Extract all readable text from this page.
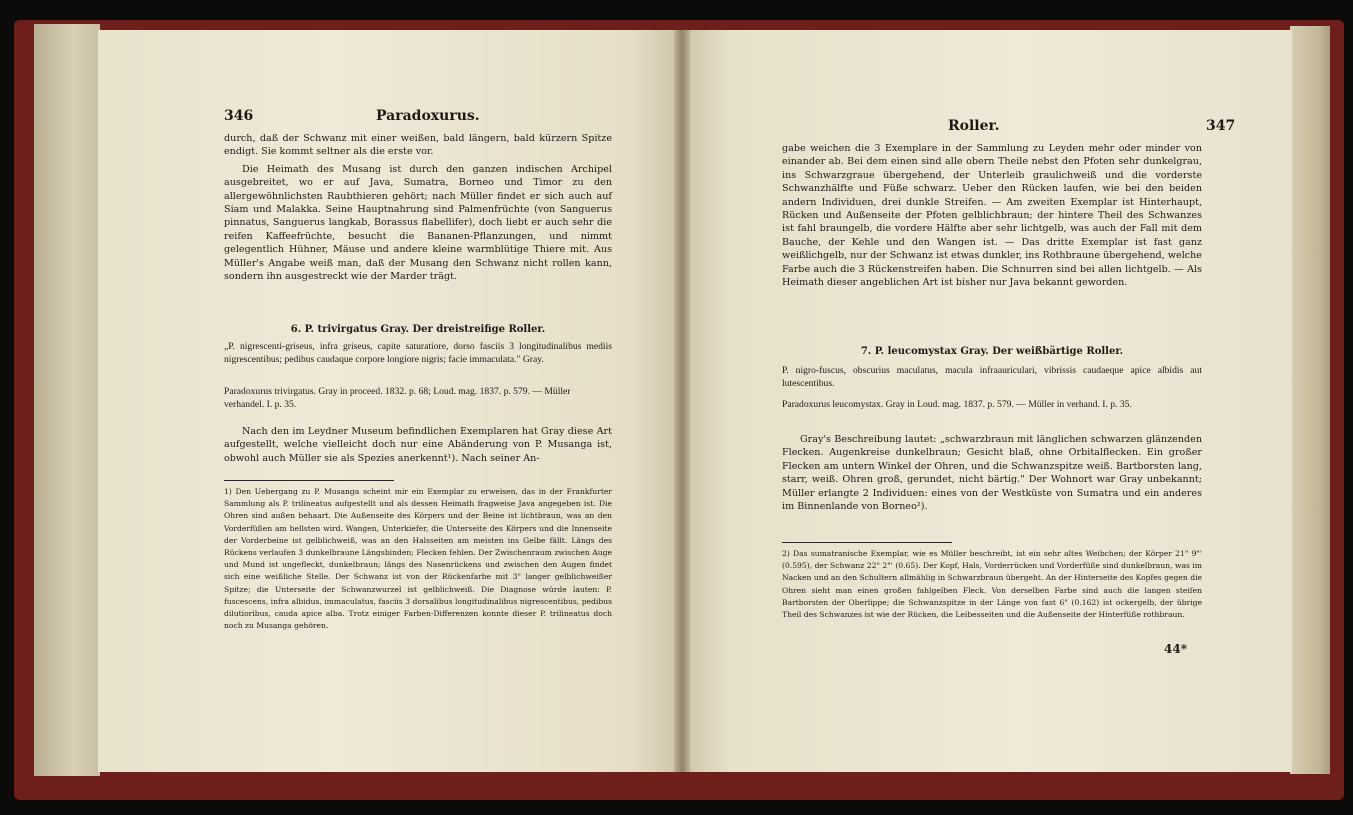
346	Paradoxurus.

durch, daß der Schwanz mit einer weißen, bald längern, bald kürzern Spitze endigt. Sie kommt seltner als die erste vor.

Die Heimath des Musang ist durch den ganzen indischen Archipel ausgebreitet, wo er auf Java, Sumatra, Borneo und Timor zu den allergewöhnlichsten Raubthieren gehört; nach Müller findet er sich auch auf Siam und Malakka. Seine Hauptnahrung sind Palmenfrüchte (von Sanguerus pinnatus, Sanguerus langkab, Borassus flabellifer), doch liebt er auch sehr die reifen Kaffeefrüchte, besucht die Bananen-Pflanzungen, und nimmt gelegentlich Hühner, Mäuse und andere kleine warmblütige Thiere mit. Aus Müller's Angabe weiß man, daß der Musang den Schwanz nicht rollen kann, sondern ihn ausgestreckt wie der Marder trägt.

6. P. trivirgatus Gray. Der dreistreifige Roller.
„P. nigrescenti-griseus, infra griseus, capite saturatiore, dorso fasciis 3 longitudinalibus mediis nigrescentibus; pedibus caudaque corpore longiore nigris; facie immaculata." Gray.
Paradoxurus trivirgatus. Gray in proceed. 1832. p. 68; Loud. mag. 1837. p. 579. — Müller verhandel. I. p. 35.

Nach den im Leydner Museum befindlichen Exemplaren hat Gray diese Art aufgestellt, welche vielleicht doch nur eine Abänderung von P. Musanga ist, obwohl auch Müller sie als Spezies anerkennt¹). Nach seiner An-

1) Den Uebergang zu P. Musanga scheint mir ein Exemplar zu erweisen, das in der Frankfurter Sammlung als P. trilineatus aufgestellt und als dessen Heimath fragweise Java angegeben ist. Die Ohren sind außen behaart. Die Außenseite des Körpers und der Beine ist lichtbraun, was an den Vorderfüßen am hellsten wird. Wangen, Unterkiefer, die Unterseite des Körpers und die Innenseite der Vorderbeine ist gelblichweiß, was an den Halsseiten am meisten ins Gelbe fällt. Längs des Rückens verlaufen 3 dunkelbraune Längsbinden; Flecken fehlen. Der Zwischenraum zwischen Auge und Mund ist ungefleckt, dunkelbraun; längs des Nasenrückens und zwischen den Augen findet sich eine weißliche Stelle. Der Schwanz ist von der Rückenfarbe mit 3" langer gelblichweißer Spitze; die Unterseite der Schwanzwurzel ist gelblichweiß. Die Diagnose würde lauten: P. fuscescens, infra albidus, immaculatus, fasciis 3 dorsalibus longitudinalibus nigrescentibus, pedibus dilutioribus, cauda apice alba. Trotz einiger Farben-Differenzen konnte dieser P. trilineatus doch noch zu Musanga gehören.

Roller.	347

gabe weichen die 3 Exemplare in der Sammlung zu Leyden mehr oder minder von einander ab. Bei dem einen sind alle obern Theile nebst den Pfoten sehr dunkelgrau, ins Schwarzgraue übergehend, der Unterleib graulichweiß und die vorderste Schwanzhälfte und Füße schwarz. Ueber den Rücken laufen, wie bei den beiden andern Individuen, drei dunkle Streifen. — Am zweiten Exemplar ist Hinterhaupt, Rücken und Außenseite der Pfoten gelblichbraun; der hintere Theil des Schwanzes ist fahl braungelb, die vordere Hälfte aber sehr lichtgelb, was auch der Fall mit dem Bauche, der Kehle und den Wangen ist. — Das dritte Exemplar ist fast ganz weißlichgelb, nur der Schwanz ist etwas dunkler, ins Rothbraune übergehend, welche Farbe auch die 3 Rückenstreifen haben. Die Schnurren sind bei allen lichtgelb. — Als Heimath dieser angeblichen Art ist bisher nur Java bekannt geworden.

7. P. leucomystax Gray. Der weißbärtige Roller.
P. nigro-fuscus, obscurius maculatus, macula infraauriculari, vibrissis caudaeque apice albidis aut lutescentibus.
Paradoxurus leucomystax. Gray in Loud. mag. 1837. p. 579. — Müller in verhand. I. p. 35.

Gray's Beschreibung lautet: „schwarzbraun mit länglichen schwarzen glänzenden Flecken. Augenkreise dunkelbraun; Gesicht blaß, ohne Orbitalflecken. Ein großer Flecken am untern Winkel der Ohren, und die Schwanzspitze weiß. Bartborsten lang, starr, weiß. Ohren groß, gerundet, nicht bärtig." Der Wohnort war Gray unbekannt; Müller erlangte 2 Individuen: eines von der Westküste von Sumatra und ein anderes im Binnenlande von Borneo²).

2) Das sumatranische Exemplar, wie es Müller beschreibt, ist ein sehr altes Weibchen; der Körper 21" 9"' (0.595), der Schwanz 22" 2"' (0.65). Der Kopf, Hals, Vorderrücken und Vorderfüße sind dunkelbraun, was im Nacken und an den Schultern allmählig in Schwarzbraun übergeht. An der Hinterseite des Kopfes gegen die Ohren sieht man einen großen fahlgelben Fleck. Von derselben Farbe sind auch die langen steifen Bartborsten der Oberlippe; die Schwanzspitze in der Länge von fast 6" (0.162) ist ockergelb, der übrige Theil des Schwanzes ist wie der Rücken, die Leibesseiten und die Außenseite der Hinterfüße rothbraun.

44*
